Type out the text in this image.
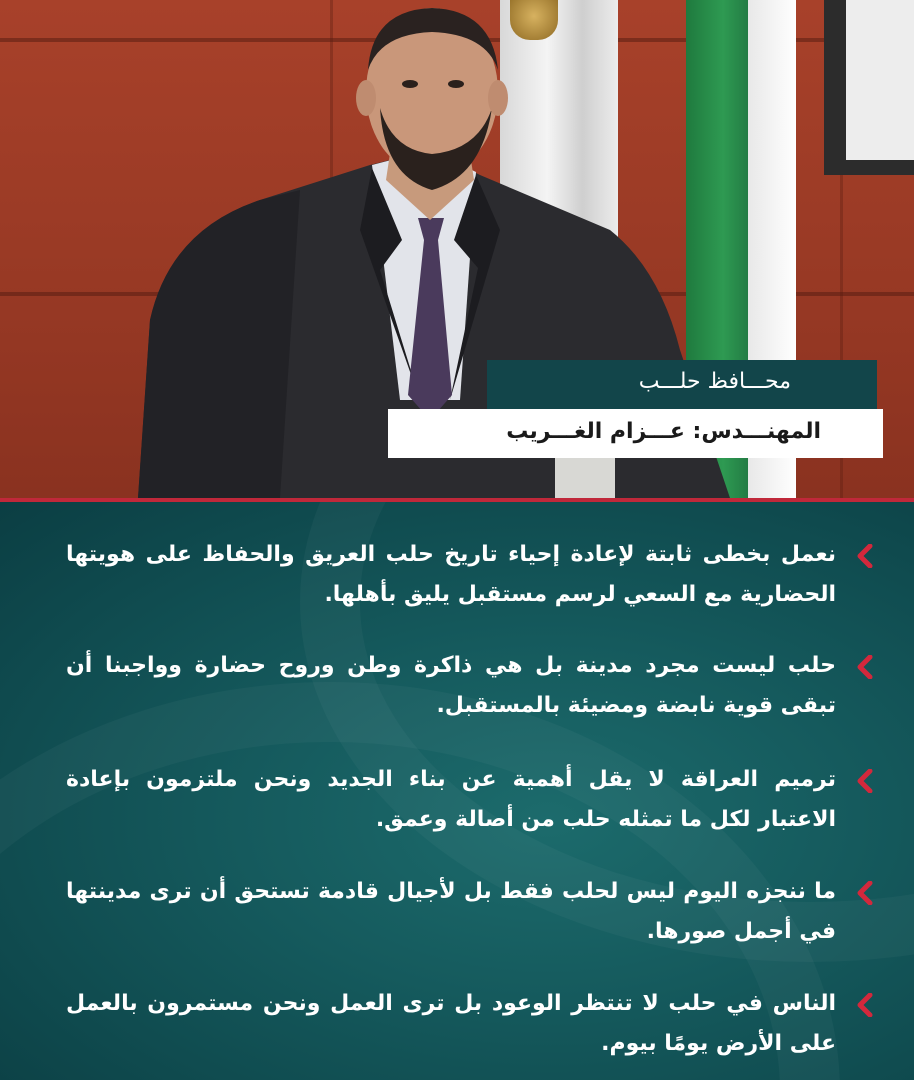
محـــافظ حلـــب
المهنـــدس: عـــزام الغـــريب
نعمل بخطى ثابتة لإعادة إحياء تاريخ حلب العريق والحفاظ على هويتها الحضارية مع السعي لرسم مستقبل يليق بأهلها.
حلب ليست مجرد مدينة بل هي ذاكرة وطن وروح حضارة وواجبنا أن تبقى قوية نابضة ومضيئة بالمستقبل.
ترميم العراقة لا يقل أهمية عن بناء الجديد ونحن ملتزمون بإعادة الاعتبار لكل ما تمثله حلب من أصالة وعمق.
ما ننجزه اليوم ليس لحلب فقط بل لأجيال قادمة تستحق أن ترى مدينتها في أجمل صورها.
الناس في حلب لا تنتظر الوعود بل ترى العمل ونحن مستمرون بالعمل على الأرض يومًا بيوم.
